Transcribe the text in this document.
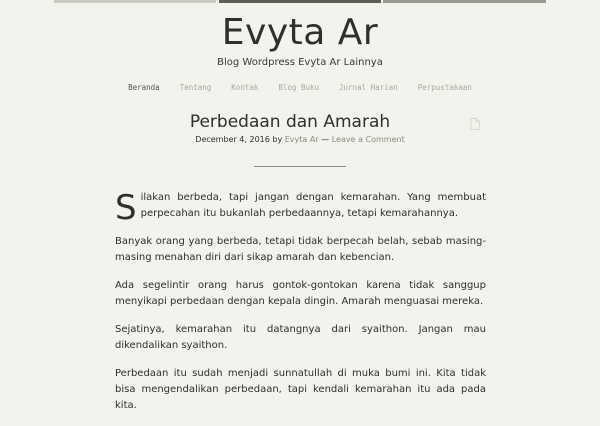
Evyta Ar
Blog Wordpress Evyta Ar Lainnya
Beranda	Tentang	Kontak	Blog Buku	Jurnal Harian	Perpustakaan
Perbedaan dan Amarah
December 4, 2016 by Evyta Ar — Leave a Comment

Silakan berbeda, tapi jangan dengan kemarahan. Yang membuat perpecahan itu bukanlah perbedaannya, tetapi kemarahannya.

Banyak orang yang berbeda, tetapi tidak berpecah belah, sebab masing-masing menahan diri dari sikap amarah dan kebencian.

Ada segelintir orang harus gontok-gontokan karena tidak sanggup menyikapi perbedaan dengan kepala dingin. Amarah menguasai mereka.

Sejatinya, kemarahan itu datangnya dari syaithon. Jangan mau dikendalikan syaithon.

Perbedaan itu sudah menjadi sunnatullah di muka bumi ini. Kita tidak bisa mengendalikan perbedaan, tapi kendali kemarahan itu ada pada kita.
